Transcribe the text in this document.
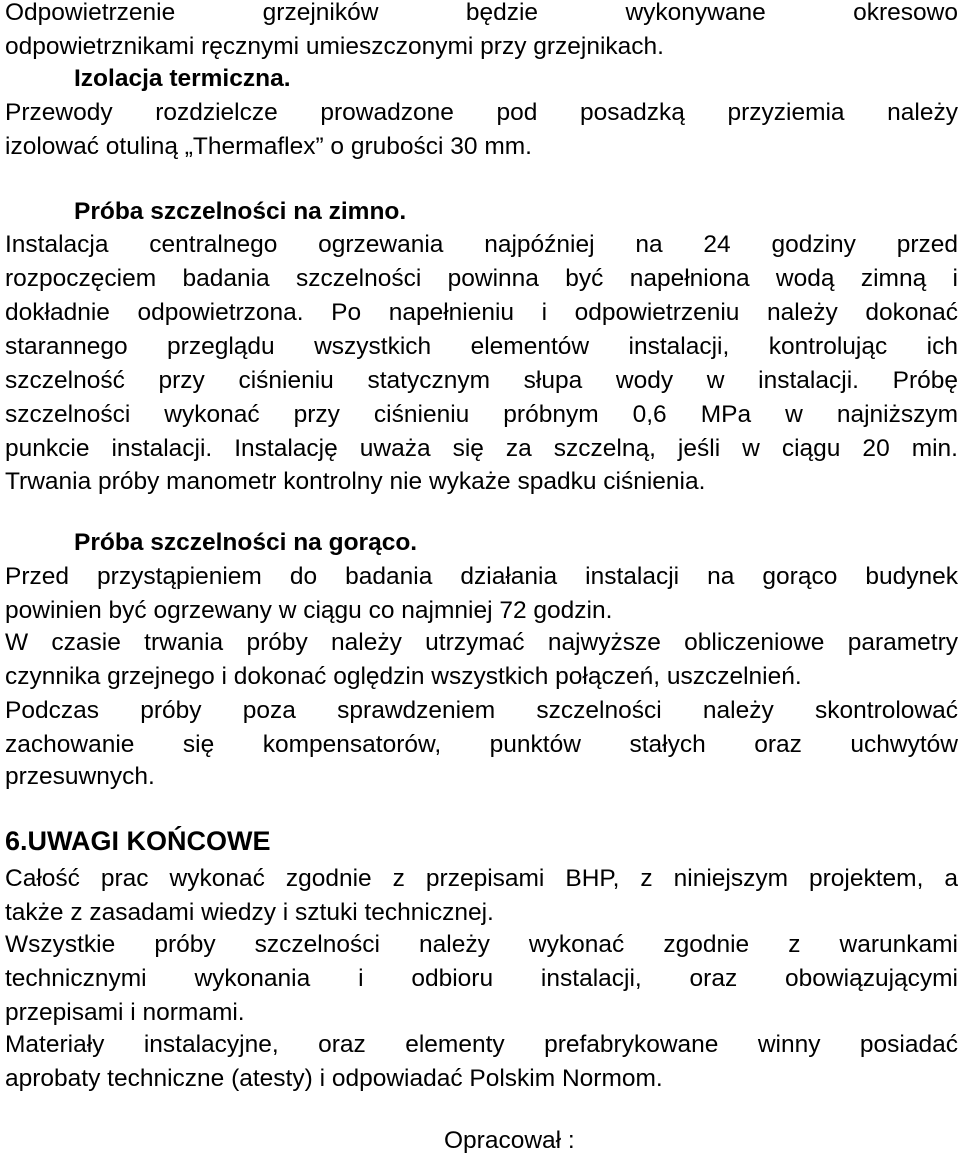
Odpowietrzenie grzejników będzie wykonywane okresowo
odpowietrznikami ręcznymi umieszczonymi przy grzejnikach.
Izolacja termiczna.
Przewody rozdzielcze prowadzone pod posadzką przyziemia należy
izolować otuliną „Thermaflex” o grubości 30 mm.
Próba szczelności na zimno.
Instalacja centralnego ogrzewania najpóźniej na 24 godziny przed
rozpoczęciem badania szczelności powinna być napełniona wodą zimną i
dokładnie odpowietrzona. Po napełnieniu i odpowietrzeniu należy dokonać
starannego przeglądu wszystkich elementów instalacji, kontrolując ich
szczelność przy ciśnieniu statycznym słupa wody w instalacji. Próbę
szczelności wykonać przy ciśnieniu próbnym 0,6 MPa w najniższym
punkcie instalacji. Instalację uważa się za szczelną, jeśli w ciągu 20 min.
Trwania próby manometr kontrolny nie wykaże spadku ciśnienia.
Próba szczelności na gorąco.
Przed przystąpieniem do badania działania instalacji na gorąco budynek
powinien być ogrzewany w ciągu co najmniej 72 godzin.
W czasie trwania próby należy utrzymać najwyższe obliczeniowe parametry
czynnika grzejnego i dokonać oględzin wszystkich połączeń, uszczelnień.
Podczas próby poza sprawdzeniem szczelności należy skontrolować
zachowanie się kompensatorów, punktów stałych oraz uchwytów
przesuwnych.
6.UWAGI KOŃCOWE
Całość prac wykonać zgodnie z przepisami BHP, z niniejszym projektem, a
także z zasadami wiedzy i sztuki technicznej.
Wszystkie próby szczelności należy wykonać zgodnie z warunkami
technicznymi wykonania i odbioru instalacji, oraz obowiązującymi
przepisami i normami.
Materiały instalacyjne, oraz elementy prefabrykowane winny posiadać
aprobaty techniczne (atesty) i odpowiadać Polskim Normom.
Opracował :
